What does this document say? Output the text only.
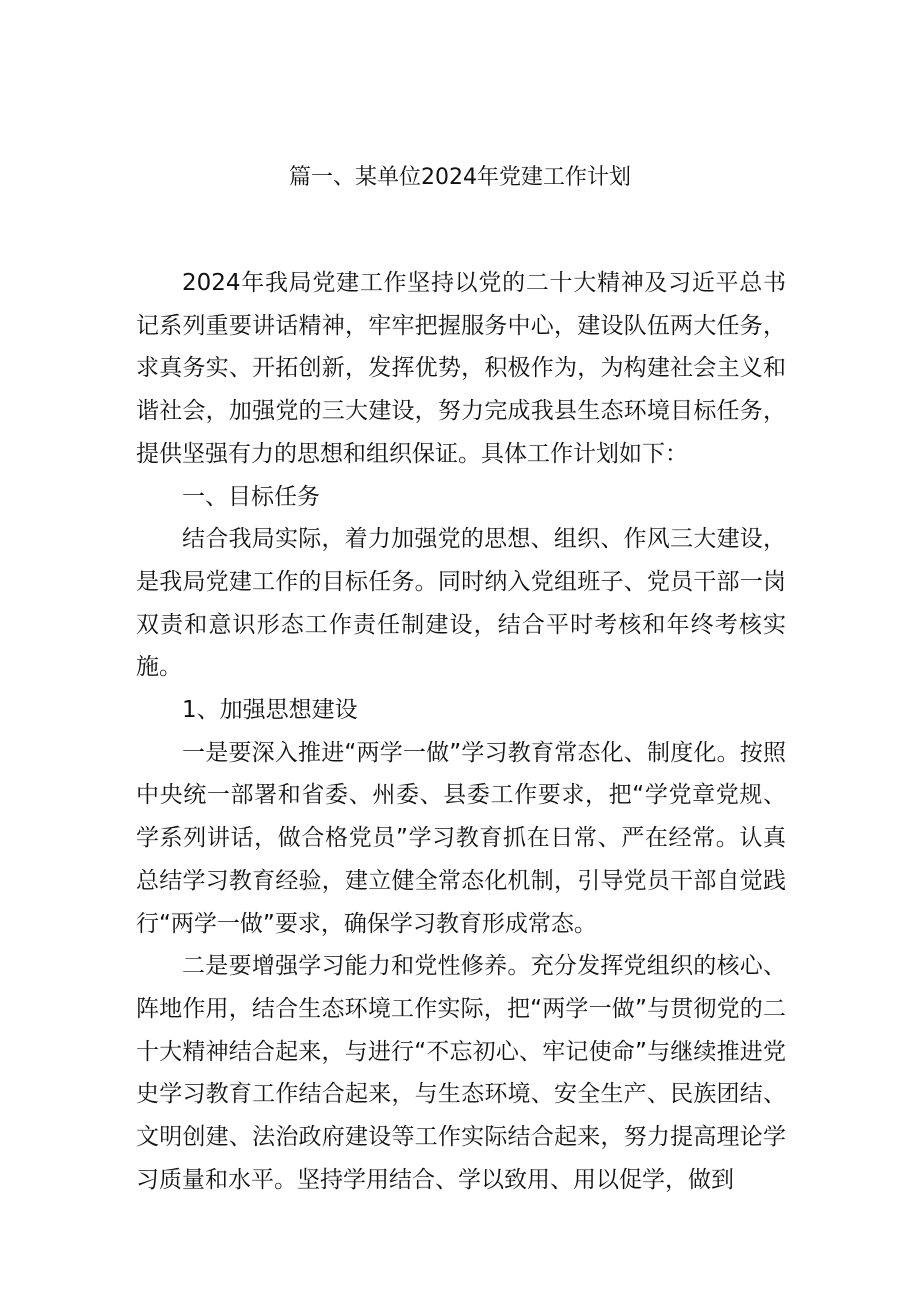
篇一、某单位2024年党建工作计划

2024年我局党建工作坚持以党的二十大精神及习近平总书记系列重要讲话精神，牢牢把握服务中心，建设队伍两大任务，求真务实、开拓创新，发挥优势，积极作为，为构建社会主义和谐社会，加强党的三大建设，努力完成我县生态环境目标任务，提供坚强有力的思想和组织保证。具体工作计划如下：

一、目标任务

结合我局实际，着力加强党的思想、组织、作风三大建设，是我局党建工作的目标任务。同时纳入党组班子、党员干部一岗双责和意识形态工作责任制建设，结合平时考核和年终考核实施。

1、加强思想建设

一是要深入推进“两学一做”学习教育常态化、制度化。按照中央统一部署和省委、州委、县委工作要求，把“学党章党规、学系列讲话，做合格党员”学习教育抓在日常、严在经常。认真总结学习教育经验，建立健全常态化机制，引导党员干部自觉践行“两学一做”要求，确保学习教育形成常态。

二是要增强学习能力和党性修养。充分发挥党组织的核心、阵地作用，结合生态环境工作实际，把“两学一做”与贯彻党的二十大精神结合起来，与进行“不忘初心、牢记使命”与继续推进党史学习教育工作结合起来，与生态环境、安全生产、民族团结、文明创建、法治政府建设等工作实际结合起来，努力提高理论学习质量和水平。坚持学用结合、学以致用、用以促学，做到
